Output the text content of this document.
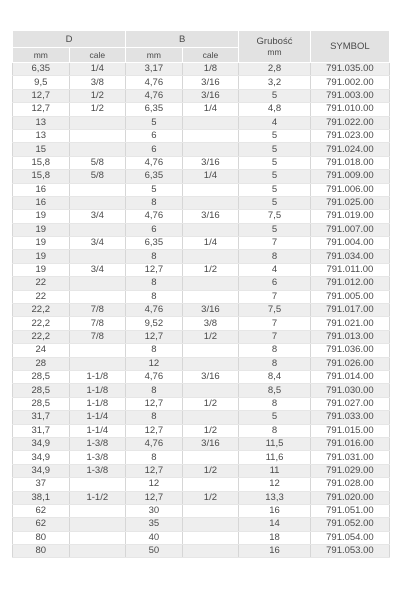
D		B		Grubość
mm	SYMBOL
mm	cale	mm	cale		
6,35	1/4	3,17	1/8	2,8	791.035.00
9,5	3/8	4,76	3/16	3,2	791.002.00
12,7	1/2	4,76	3/16	5	791.003.00
12,7	1/2	6,35	1/4	4,8	791.010.00
13		5		4	791.022.00
13		6		5	791.023.00
15		6		5	791.024.00
15,8	5/8	4,76	3/16	5	791.018.00
15,8	5/8	6,35	1/4	5	791.009.00
16		5		5	791.006.00
16		8		5	791.025.00
19	3/4	4,76	3/16	7,5	791.019.00
19		6		5	791.007.00
19	3/4	6,35	1/4	7	791.004.00
19		8		8	791.034.00
19	3/4	12,7	1/2	4	791.011.00
22		8		6	791.012.00
22		8		7	791.005.00
22,2	7/8	4,76	3/16	7,5	791.017.00
22,2	7/8	9,52	3/8	7	791.021.00
22,2	7/8	12,7	1/2	7	791.013.00
24		8		8	791.036.00
28		12		8	791.026.00
28,5	1-1/8	4,76	3/16	8,4	791.014.00
28,5	1-1/8	8		8,5	791.030.00
28,5	1-1/8	12,7	1/2	8	791.027.00
31,7	1-1/4	8		5	791.033.00
31,7	1-1/4	12,7	1/2	8	791.015.00
34,9	1-3/8	4,76	3/16	11,5	791.016.00
34,9	1-3/8	8		11,6	791.031.00
34,9	1-3/8	12,7	1/2	11	791.029.00
37		12		12	791.028.00
38,1	1-1/2	12,7	1/2	13,3	791.020.00
62		30		16	791.051.00
62		35		14	791.052.00
80		40		18	791.054.00
80		50		16	791.053.00
